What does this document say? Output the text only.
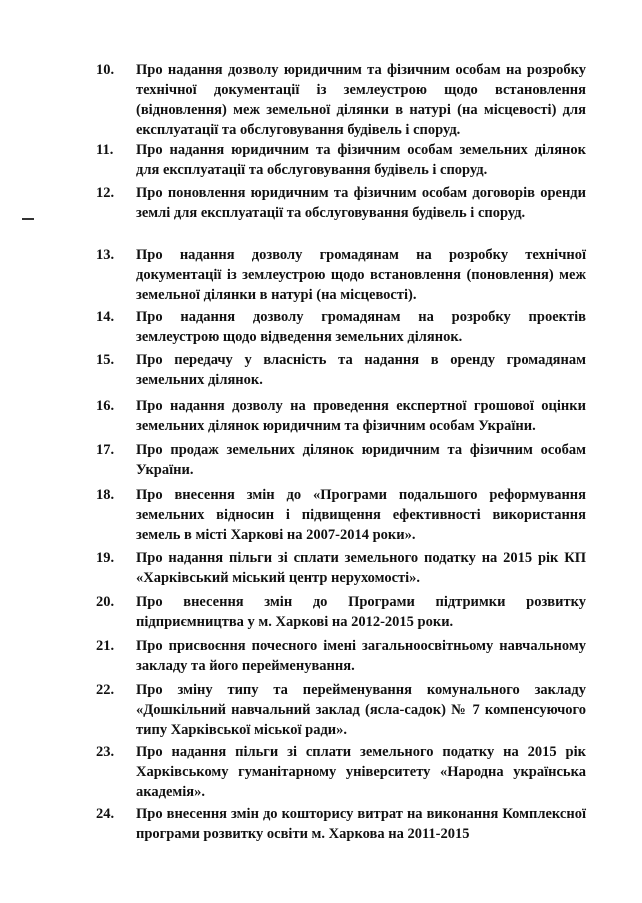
10.	Про надання дозволу юридичним та фізичним особам на розробку технічної документації із землеустрою щодо встановлення (відновлення) меж земельної ділянки в натурі (на місцевості) для експлуатації та обслуговування будівель і споруд.

11.	Про надання юридичним та фізичним особам земельних ділянок для експлуатації та обслуговування будівель і споруд.

12.	Про поновлення юридичним та фізичним особам договорів оренди землі для експлуатації та обслуговування будівель і споруд.

13.	Про надання дозволу громадянам на розробку технічної документації із землеустрою щодо встановлення (поновлення) меж земельної ділянки в натурі (на місцевості).

14.	Про надання дозволу громадянам на розробку проектів землеустрою щодо відведення земельних ділянок.

15.	Про передачу у власність та надання в оренду громадянам земельних ділянок.

16.	Про надання дозволу на проведення експертної грошової оцінки земельних ділянок юридичним та фізичним особам України.

17.	Про продаж земельних ділянок юридичним та фізичним особам України.

18.	Про внесення змін до «Програми подальшого реформування земельних відносин і підвищення ефективності використання земель в місті Харкові на 2007-2014 роки».

19.	Про надання пільги зі сплати земельного податку на 2015 рік КП «Харківський міський центр нерухомості».

20.	Про внесення змін до Програми підтримки розвитку підприємництва у м. Харкові на 2012-2015 роки.

21.	Про присвоєння почесного імені загальноосвітньому навчальному закладу та його перейменування.

22.	Про зміну типу та перейменування комунального закладу «Дошкільний навчальний заклад (ясла-садок) № 7 компенсуючого типу Харківської міської ради».

23.	Про надання пільги зі сплати земельного податку на 2015 рік Харківському гуманітарному університету «Народна українська академія».

24.	Про внесення змін до кошторису витрат на виконання Комплексної програми розвитку освіти м. Харкова на 2011-2015
